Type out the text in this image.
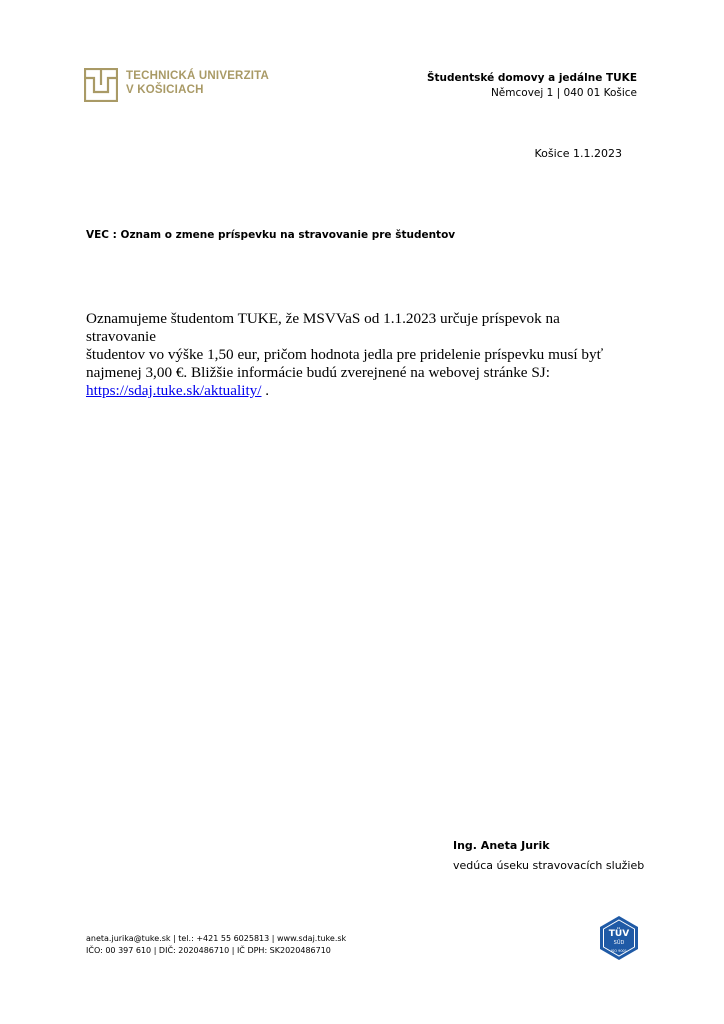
TECHNICKÁ UNIVERZITA
V KOŠICIACH
Študentské domovy a jedálne TUKE
Němcovej 1 | 040 01 Košice
Košice 1.1.2023
VEC : Oznam o zmene príspevku na stravovanie pre študentov
Oznamujeme študentom TUKE, že MSVVaS od 1.1.2023 určuje príspevok na stravovanie
študentov vo výške 1,50 eur, pričom hodnota jedla pre pridelenie príspevku musí byť
najmenej 3,00 €. Bližšie informácie budú zverejnené na webovej stránke SJ:
https://sdaj.tuke.sk/aktuality/ .
Ing. Aneta Jurik
vedúca úseku stravovacích služieb
aneta.jurika@tuke.sk | tel.: +421 55 6025813 | www.sdaj.tuke.sk
IČO: 00 397 610 | DIČ: 2020486710 | IČ DPH: SK2020486710
TÜV
SÜD
ISO 9001
